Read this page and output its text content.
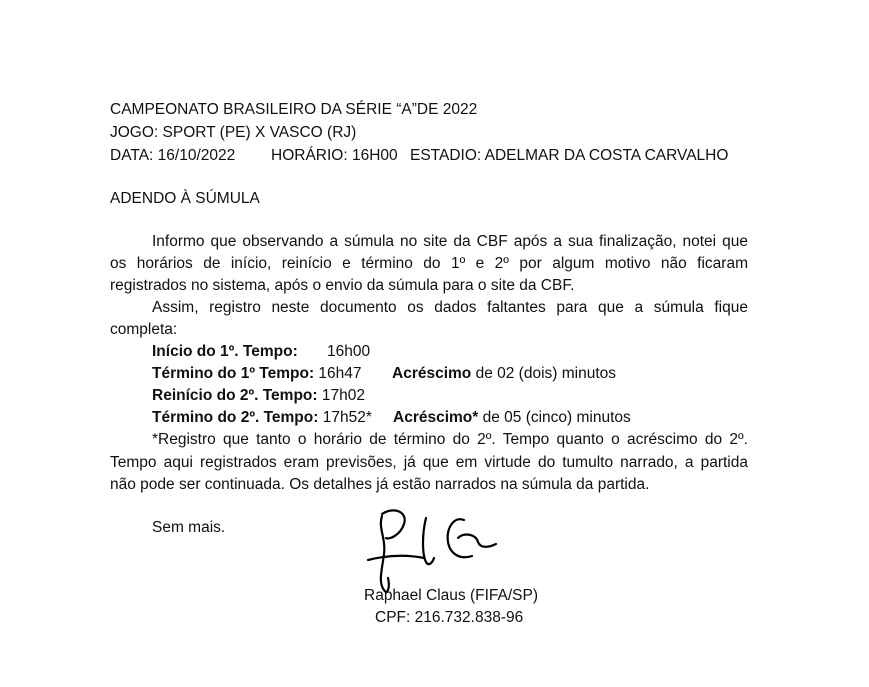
CAMPEONATO BRASILEIRO DA SÉRIE “A”DE 2022
JOGO: SPORT (PE) X VASCO (RJ)
DATA: 16/10/2022 HORÁRIO: 16H00 ESTADIO: ADELMAR DA COSTA CARVALHO
ADENDO À SÚMULA
Informo que observando a súmula no site da CBF após a sua finalização, notei que
os horários de início, reinício e término do 1º e 2º por algum motivo não ficaram
registrados no sistema, após o envio da súmula para o site da CBF.
Assim, registro neste documento os dados faltantes para que a súmula fique
completa:
Início do 1º. Tempo: 16h00
Término do 1º Tempo: 16h47 Acréscimo de 02 (dois) minutos
Reinício do 2º. Tempo: 17h02
Término do 2º. Tempo: 17h52* Acréscimo* de 05 (cinco) minutos
*Registro que tanto o horário de término do 2º. Tempo quanto o acréscimo do 2º.
Tempo aqui registrados eram previsões, já que em virtude do tumulto narrado, a partida
não pode ser continuada. Os detalhes já estão narrados na súmula da partida.
Sem mais.
Raphael Claus (FIFA/SP)
CPF: 216.732.838-96
